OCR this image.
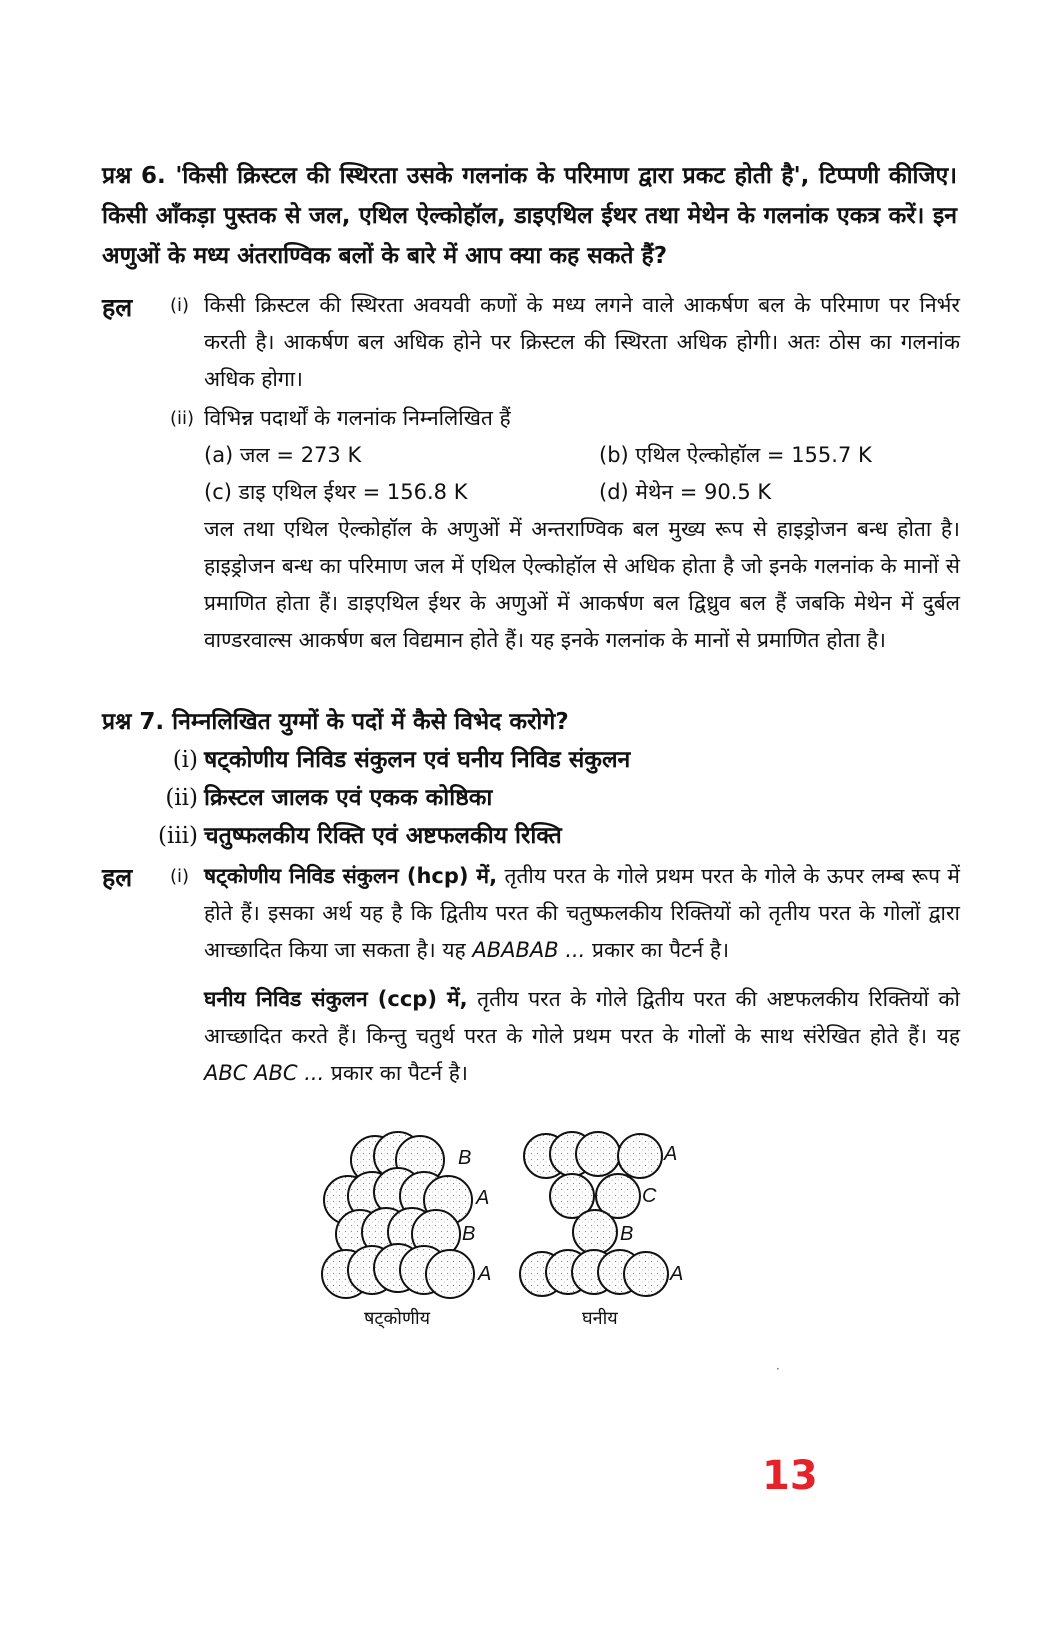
प्रश्न 6. 'किसी क्रिस्टल की स्थिरता उसके गलनांक के परिमाण द्वारा प्रकट होती है', टिप्पणी कीजिए। किसी आँकड़ा पुस्तक से जल, एथिल ऐल्कोहॉल, डाइएथिल ईथर तथा मेथेन के गलनांक एकत्र करें। इन अणुओं के मध्य अंतराण्विक बलों के बारे में आप क्या कह सकते हैं?
हल (i) किसी क्रिस्टल की स्थिरता अवयवी कणों के मध्य लगने वाले आकर्षण बल के परिमाण पर निर्भर करती है। आकर्षण बल अधिक होने पर क्रिस्टल की स्थिरता अधिक होगी। अतः ठोस का गलनांक अधिक होगा।
(ii) विभिन्न पदार्थों के गलनांक निम्नलिखित हैं
(a) जल = 273 K	(b) एथिल ऐल्कोहॉल = 155.7 K
(c) डाइ एथिल ईथर = 156.8 K	(d) मेथेन = 90.5 K
जल तथा एथिल ऐल्कोहॉल के अणुओं में अन्तराण्विक बल मुख्य रूप से हाइड्रोजन बन्ध होता है। हाइड्रोजन बन्ध का परिमाण जल में एथिल ऐल्कोहॉल से अधिक होता है जो इनके गलनांक के मानों से प्रमाणित होता हैं। डाइएथिल ईथर के अणुओं में आकर्षण बल द्विध्रुव बल हैं जबकि मेथेन में दुर्बल वाण्डरवाल्स आकर्षण बल विद्यमान होते हैं। यह इनके गलनांक के मानों से प्रमाणित होता है।
प्रश्न 7. निम्नलिखित युग्मों के पदों में कैसे विभेद करोगे?
(i) षट्कोणीय निविड संकुलन एवं घनीय निविड संकुलन
(ii) क्रिस्टल जालक एवं एकक कोष्ठिका
(iii) चतुष्फलकीय रिक्ति एवं अष्टफलकीय रिक्ति
हल (i) षट्कोणीय निविड संकुलन (hcp) में, तृतीय परत के गोले प्रथम परत के गोले के ऊपर लम्ब रूप में होते हैं। इसका अर्थ यह है कि द्वितीय परत की चतुष्फलकीय रिक्तियों को तृतीय परत के गोलों द्वारा आच्छादित किया जा सकता है। यह ABABAB ... प्रकार का पैटर्न है।
घनीय निविड संकुलन (ccp) में, तृतीय परत के गोले द्वितीय परत की अष्टफलकीय रिक्तियों को आच्छादित करते हैं। किन्तु चतुर्थ परत के गोले प्रथम परत के गोलों के साथ संरेखित होते हैं। यह ABC ABC ... प्रकार का पैटर्न है।
B
A
B
A
A
C
B
A
षट्कोणीय	घनीय
·
13
